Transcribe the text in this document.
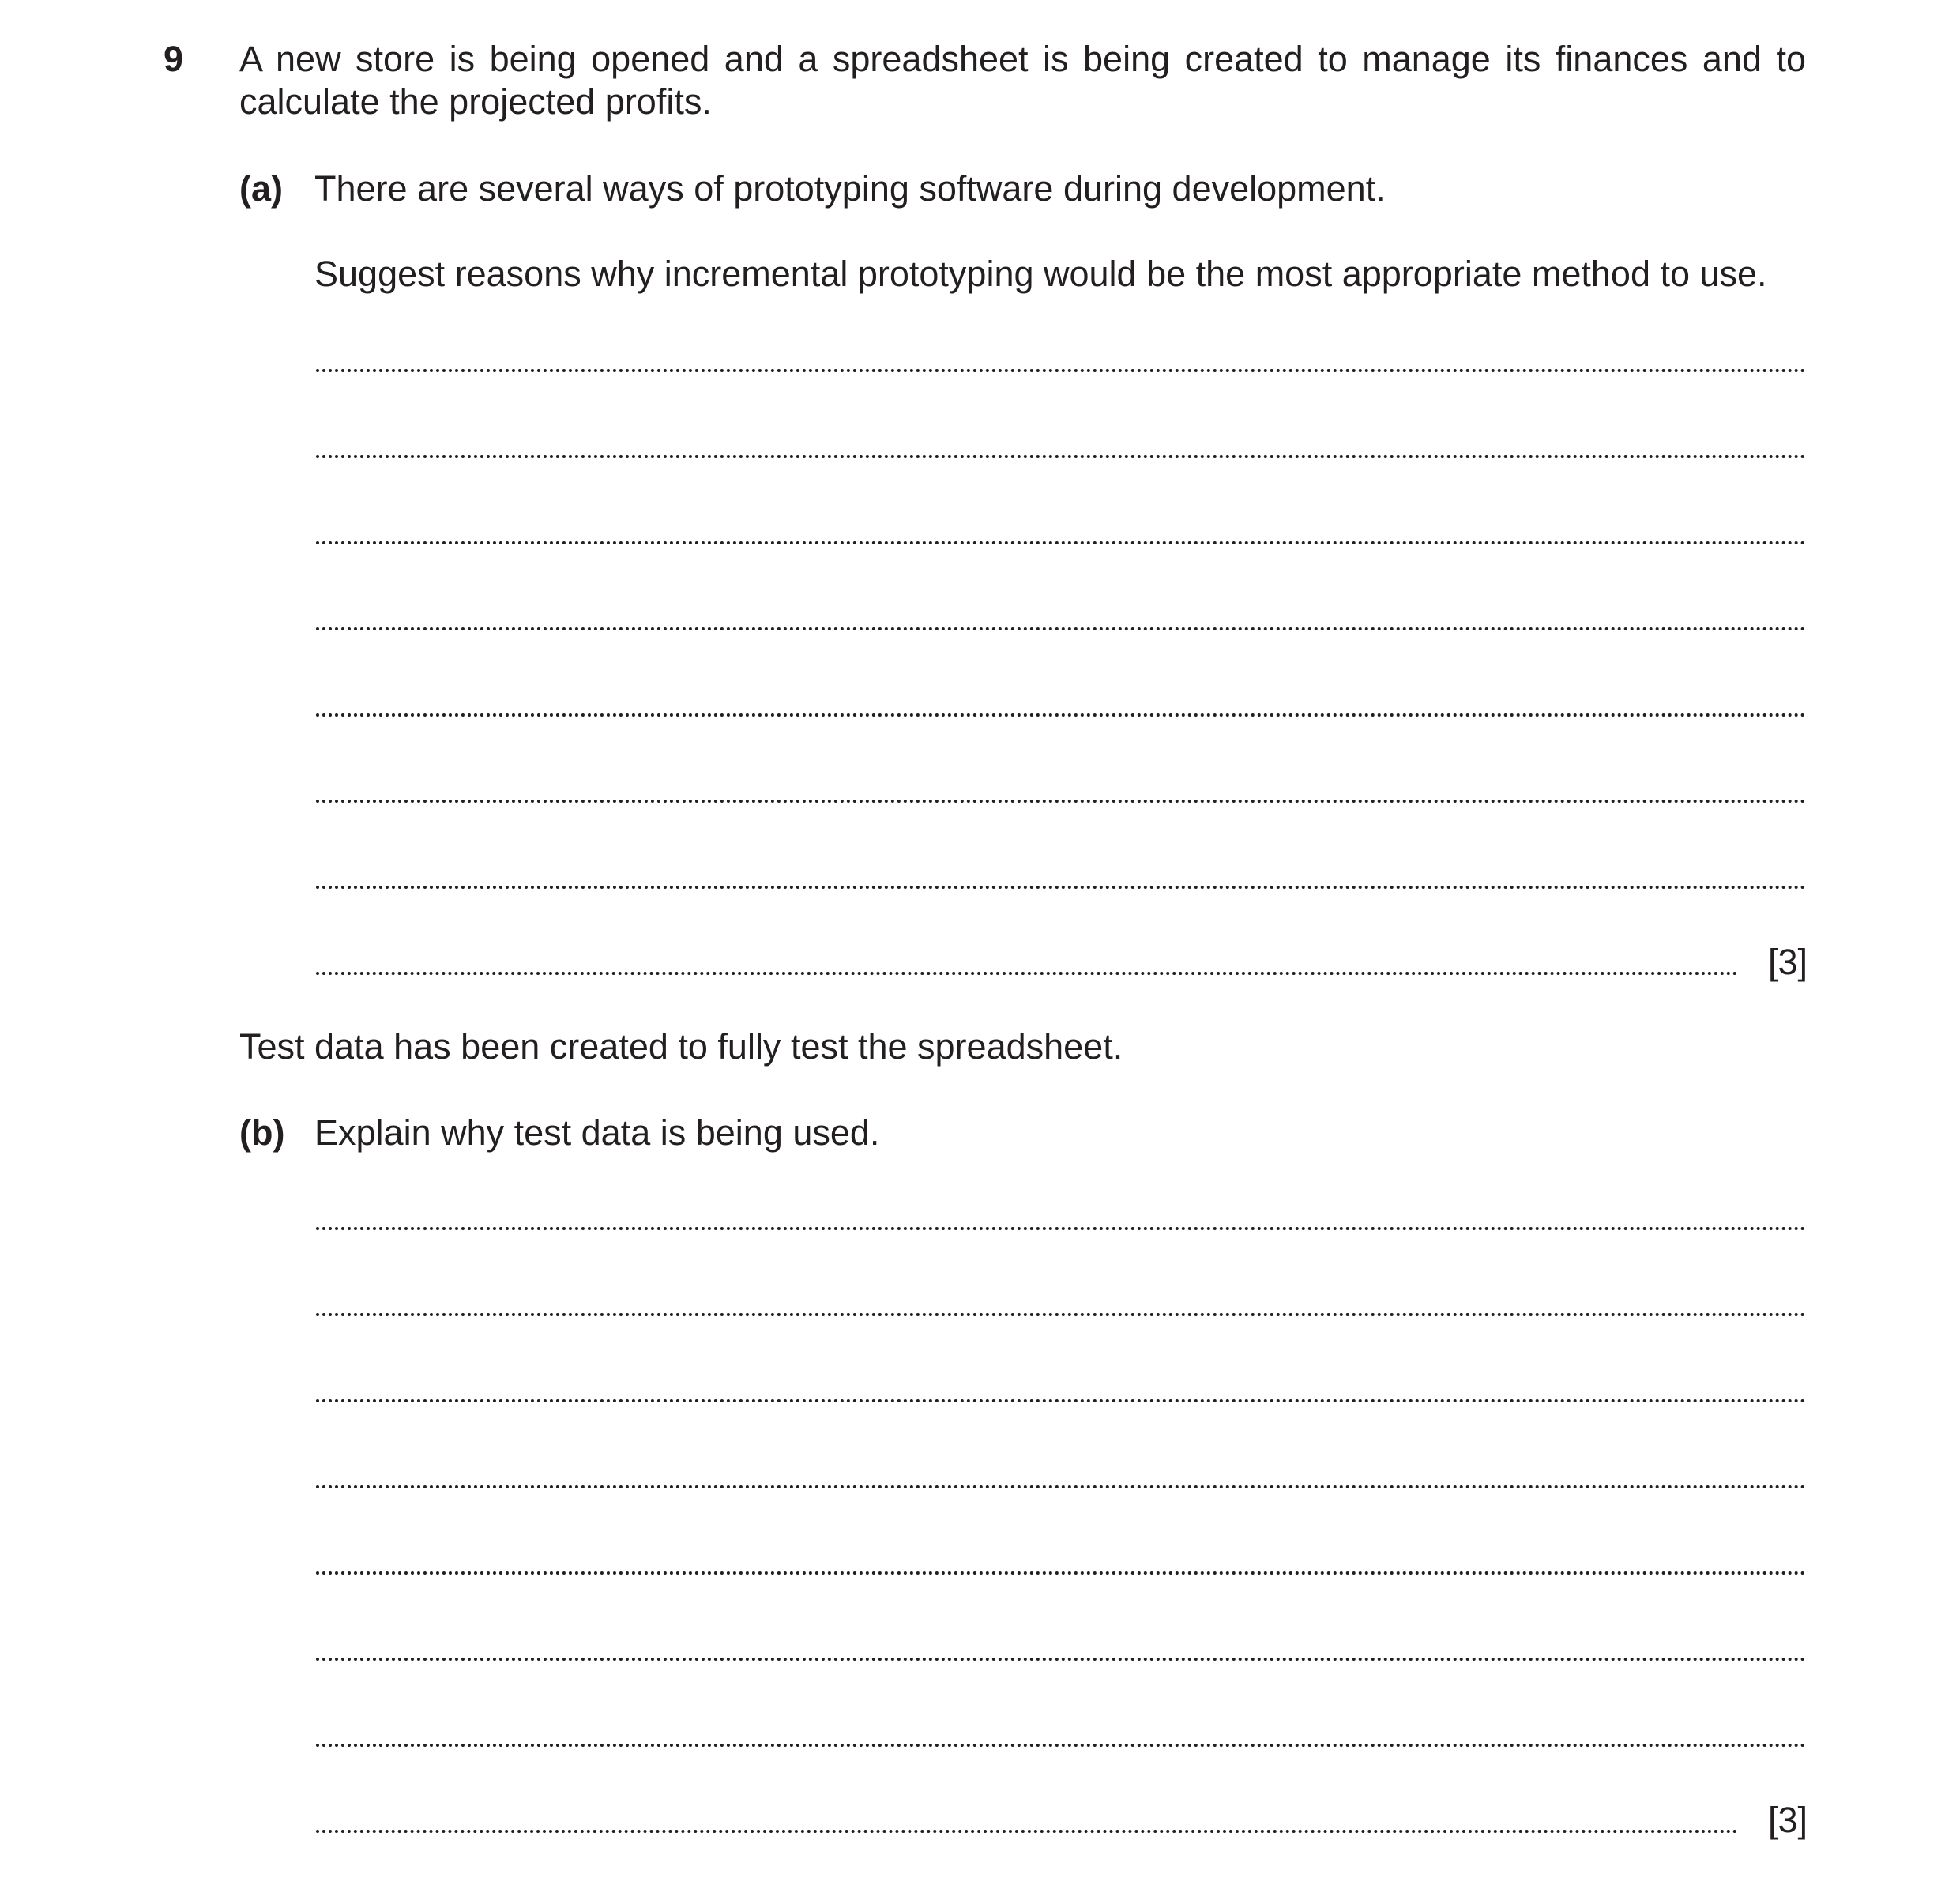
9 A new store is being opened and a spreadsheet is being created to manage its finances and to
calculate the projected profits.
(a) There are several ways of prototyping software during development.
Suggest reasons why incremental prototyping would be the most appropriate method to use.
[3]
Test data has been created to fully test the spreadsheet.
(b) Explain why test data is being used.
[3]
